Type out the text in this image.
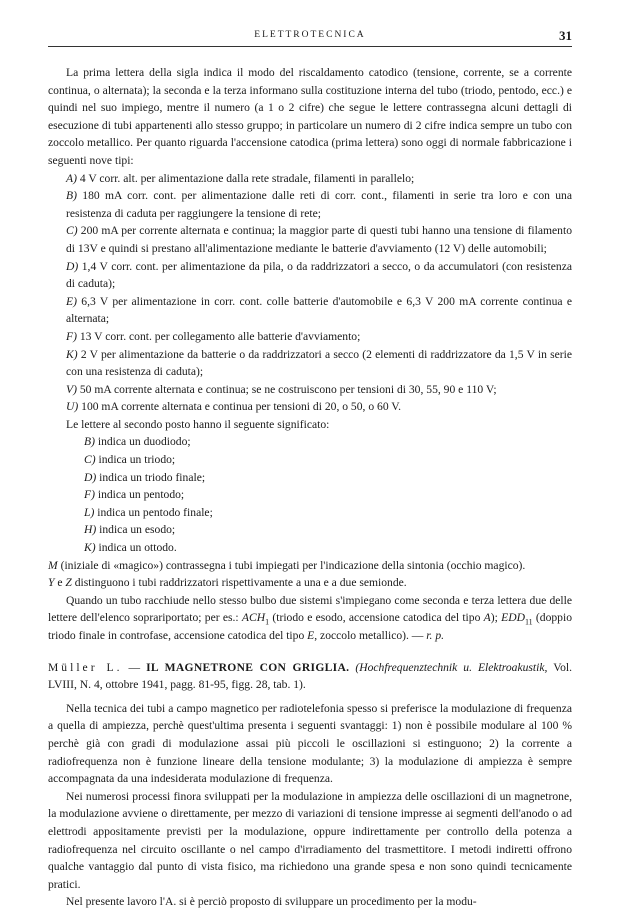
ELETTROTECNICA	31

La prima lettera della sigla indica il modo del riscaldamento catodico (tensione, corrente, se a corrente continua, o alternata); la seconda e la terza informano sulla costituzione interna del tubo (triodo, pentodo, ecc.) e quindi nel suo impiego, mentre il numero (a 1 o 2 cifre) che segue le lettere contrassegna alcuni dettagli di esecuzione di tubi appartenenti allo stesso gruppo; in particolare un numero di 2 cifre indica sempre un tubo con zoccolo metallico. Per quanto riguarda l'accensione catodica (prima lettera) sono oggi di normale fabbricazione i seguenti nove tipi:

A) 4 V corr. alt. per alimentazione dalla rete stradale, filamenti in parallelo;

B) 180 mA corr. cont. per alimentazione dalle reti di corr. cont., filamenti in serie tra loro e con una resistenza di caduta per raggiungere la tensione di rete;

C) 200 mA per corrente alternata e continua; la maggior parte di questi tubi hanno una tensione di filamento di 13V e quindi si prestano all'alimentazione mediante le batterie d'avviamento (12 V) delle automobili;

D) 1,4 V corr. cont. per alimentazione da pila, o da raddrizzatori a secco, o da accumulatori (con resistenza di caduta);

E) 6,3 V per alimentazione in corr. cont. colle batterie d'automobile e 6,3 V 200 mA corrente continua e alternata;

F) 13 V corr. cont. per collegamento alle batterie d'avviamento;

K) 2 V per alimentazione da batterie o da raddrizzatori a secco (2 elementi di raddrizzatore da 1,5 V in serie con una resistenza di caduta);

V) 50 mA corrente alternata e continua; se ne costruiscono per tensioni di 30, 55, 90 e 110 V;

U) 100 mA corrente alternata e continua per tensioni di 20, o 50, o 60 V.

Le lettere al secondo posto hanno il seguente significato:

B) indica un duodiodo;

C) indica un triodo;

D) indica un triodo finale;

F) indica un pentodo;

L) indica un pentodo finale;

H) indica un esodo;

K) indica un ottodo.

M (iniziale di «magico») contrassegna i tubi impiegati per l'indicazione della sintonia (occhio magico).

Y e Z distinguono i tubi raddrizzatori rispettivamente a una e a due semionde.

Quando un tubo racchiude nello stesso bulbo due sistemi s'impiegano come seconda e terza lettera due delle lettere dell'elenco soprariportato; per es.: $ACH_1$ (triodo e esodo, accensione catodica del tipo A); $EDD_{11}$ (doppio triodo finale in controfase, accensione catodica del tipo E, zoccolo metallico). — r. p.

Müller L. — IL MAGNETRONE CON GRIGLIA. (Hochfrequenztechnik u. Elektroakustik, Vol. LVIII, N. 4, ottobre 1941, pagg. 81-95, figg. 28, tab. 1).

Nella tecnica dei tubi a campo magnetico per radiotelefonia spesso si preferisce la modulazione di frequenza a quella di ampiezza, perchè quest'ultima presenta i seguenti svantaggi: 1) non è possibile modulare al 100 % perchè già con gradi di modulazione assai più piccoli le oscillazioni si estinguono; 2) la corrente a radiofrequenza non è funzione lineare della tensione modulante; 3) la modulazione di ampiezza è sempre accompagnata da una indesiderata modulazione di frequenza.

Nei numerosi processi finora sviluppati per la modulazione in ampiezza delle oscillazioni di un magnetrone, la modulazione avviene o direttamente, per mezzo di variazioni di tensione impresse ai segmenti dell'anodo o ad elettrodi appositamente previsti per la modulazione, oppure indirettamente per controllo della potenza a radiofrequenza nel circuito oscillante o nel campo d'irradiamento del trasmettitore. I metodi indiretti offrono qualche vantaggio dal punto di vista fisico, ma richiedono una grande spesa e non sono quindi tecnicamente pratici.

Nel presente lavoro l'A. si è perciò proposto di sviluppare un procedimento per la modu-
